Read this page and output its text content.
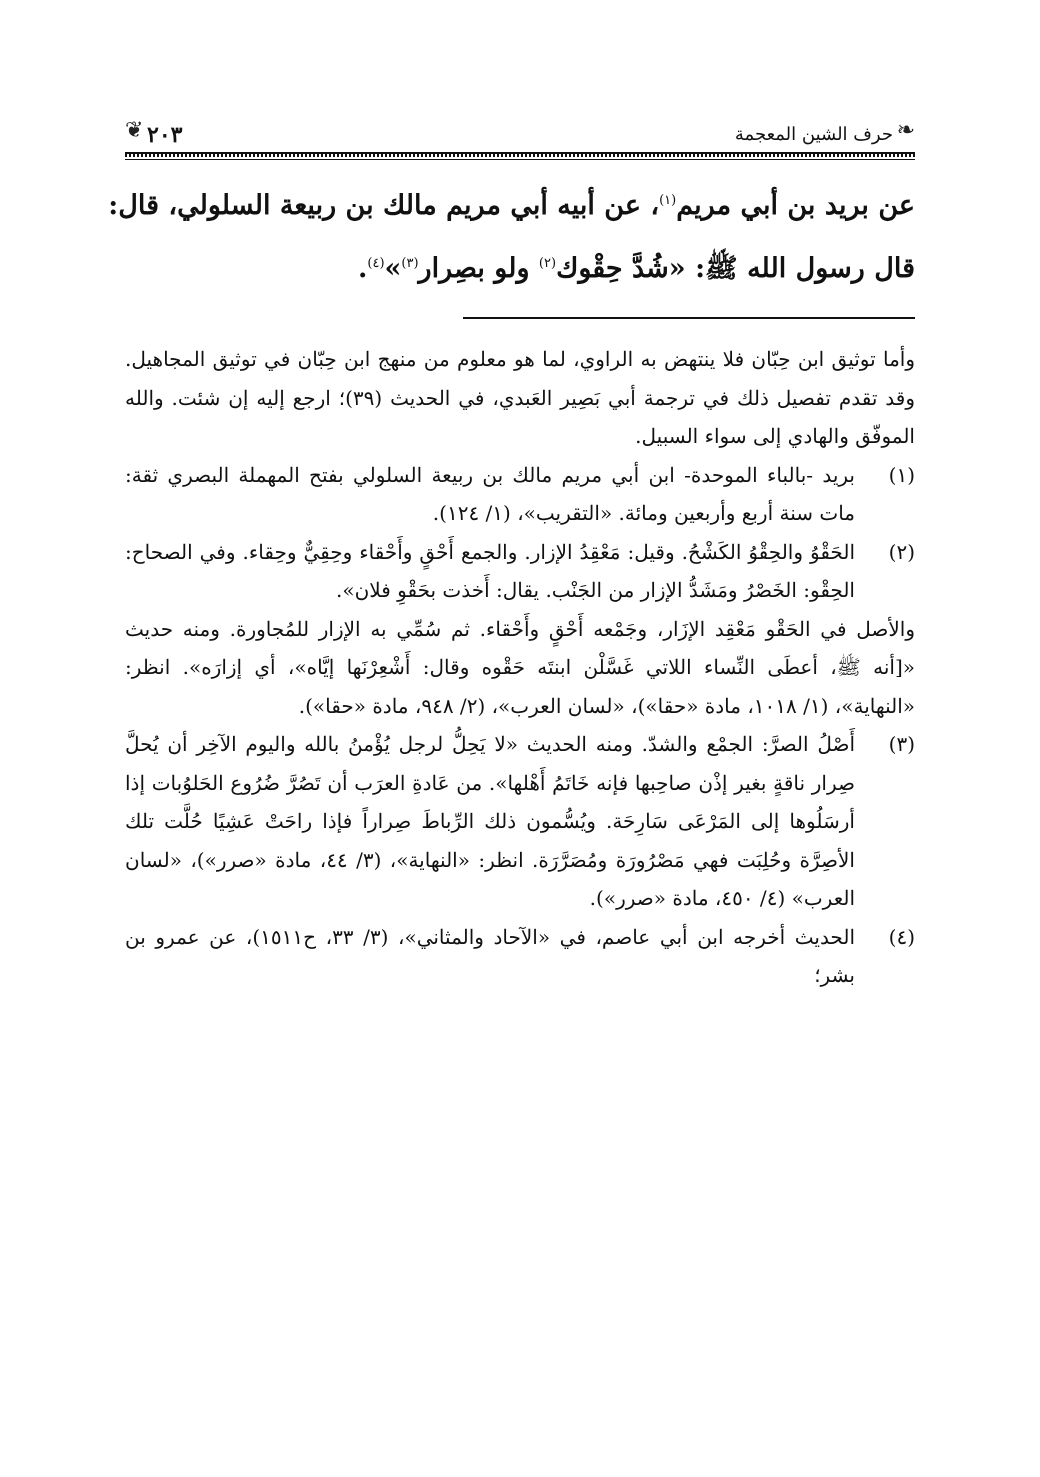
❦ ٢٠٣	حرف الشين المعجمة ❧
عن بريد بن أبي مريم$^{(١)}$، عن أبيه أبي مريم مالك بن ربيعة السلولي، قال:
قال رسول الله ﷺ: «شُدَّ حِقْوك$^{(٢)}$ ولو بصِرار$^{(٣)}$»$^{(٤)}$.

وأما توثيق ابن حِبّان فلا ينتهض به الراوي، لما هو معلوم من منهج ابن حِبّان في توثيق المجاهيل. وقد تقدم تفصيل ذلك في ترجمة أبي بَصِير العَبدي، في الحديث (٣٩)؛ ارجع إليه إن شئت. والله الموفّق والهادي إلى سواء السبيل.

(١)
بريد -بالباء الموحدة- ابن أبي مريم مالك بن ربيعة السلولي بفتح المهملة البصري ثقة: مات سنة أربع وأربعين ومائة. «التقريب»، (١/ ١٢٤).
(٢)
الحَقْوُ والحِقْوُ الكَشْحُ. وقيل: مَعْقِدُ الإزار. والجمع أَحْقٍ وأَحْقاء وحِقِيٌّ وحِقاء. وفي الصحاح: الحِقْو: الخَصْرُ ومَشَدُّ الإزار من الجَنْب. يقال: أَخذت بحَقْوِ فلان».

والأصل في الحَقْو مَعْقِد الإزَار، وجَمْعه أَحْقٍ وأَحْقاء. ثم سُمِّي به الإزار للمُجاورة. ومنه حديث «[أنه ﷺ، أعطَى النِّساء اللاتي غَسَّلْن ابنتَه حَقْوه وقال: أَشْعِرْنَها إيَّاه»، أي إزارَه». انظر: «النهاية»، (١/ ١٠١٨، مادة «حقا»)، «لسان العرب»، (٢/ ٩٤٨، مادة «حقا»).

(٣)
أَصْلُ الصرَّ: الجمْع والشدّ. ومنه الحديث «لا يَحِلُّ لرجل يُؤْمنُ بالله واليوم الآخِر أن يُحلَّ صِرار ناقةٍ بغير إذْن صاحِبها فإنه خَاتَمُ أَهْلها». من عَادةِ العرَب أن تَصُرَّ ضُرُوع الحَلوُبات إذا أرسَلُوها إلى المَرْعَى سَارِحَة. ويُسُّمون ذلك الرِّباطَ صِراراً فإذا راحَتْ عَشِيًا حُلَّت تلك الأصِرَّة وحُلِبَت فهي مَصْرُورَة ومُصَرَّرَة. انظر: «النهاية»، (٣/ ٤٤، مادة «صرر»)، «لسان العرب» (٤/ ٤٥٠، مادة «صرر»).
(٤)
الحديث أخرجه ابن أبي عاصم، في «الآحاد والمثاني»، (٣/ ٣٣، ح١٥١١)، عن عمرو بن بشر؛
